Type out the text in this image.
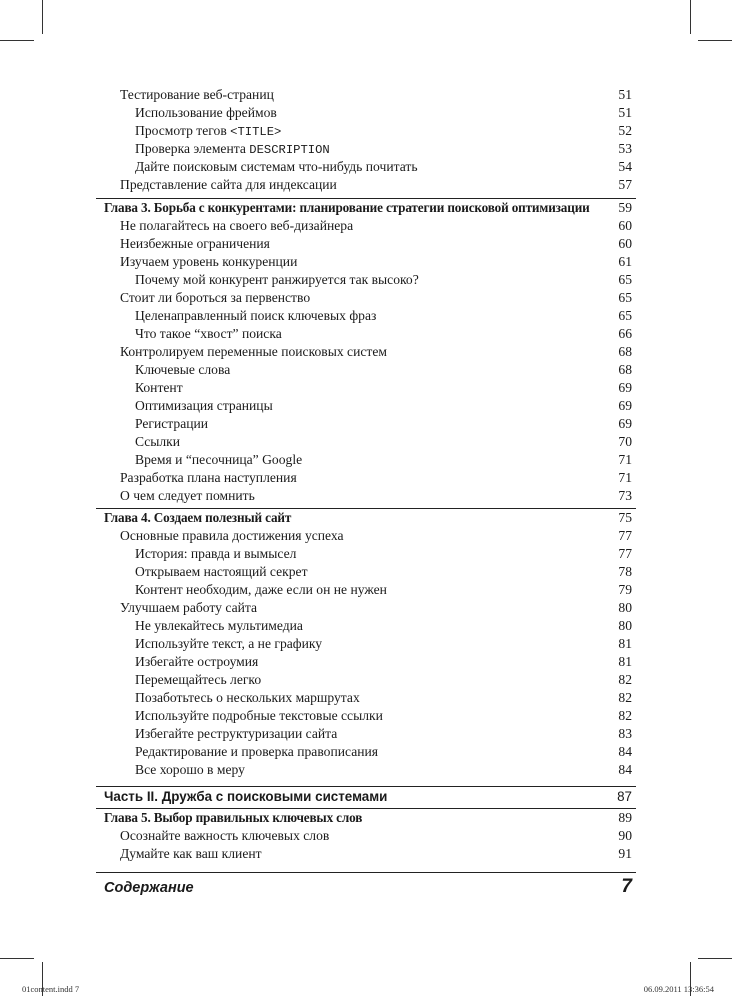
Тестирование веб-страниц	51
Использование фреймов	51
Просмотр тегов <TITLE>	52
Проверка элемента DESCRIPTION	53
Дайте поисковым системам что-нибудь почитать	54
Представление сайта для индексации	57
Глава 3. Борьба с конкурентами: планирование стратегии поисковой оптимизации 59
Не полагайтесь на своего веб-дизайнера	60
Неизбежные ограничения	60
Изучаем уровень конкуренции	61
Почему мой конкурент ранжируется так высоко?	65
Стоит ли бороться за первенство	65
Целенаправленный поиск ключевых фраз	65
Что такое “хвост” поиска	66
Контролируем переменные поисковых систем	68
Ключевые слова	68
Контент	69
Оптимизация страницы	69
Регистрации	69
Ссылки	70
Время и “песочница” Google	71
Разработка плана наступления	71
О чем следует помнить	73
Глава 4. Создаем полезный сайт	75
Основные правила достижения успеха	77
История: правда и вымысел	77
Открываем настоящий секрет	78
Контент необходим, даже если он не нужен	79
Улучшаем работу сайта	80
Не увлекайтесь мультимедиа	80
Используйте текст, а не графику	81
Избегайте остроумия	81
Перемещайтесь легко	82
Позаботьтесь о нескольких маршрутах	82
Используйте подробные текстовые ссылки	82
Избегайте реструктуризации сайта	83
Редактирование и проверка правописания	84
Все хорошо в меру	84
Часть II. Дружба с поисковыми системами	87
Глава 5. Выбор правильных ключевых слов	89
Осознайте важность ключевых слов	90
Думайте как ваш клиент	91
Содержание	7
01content.indd 7	06.09.2011 13:36:54
